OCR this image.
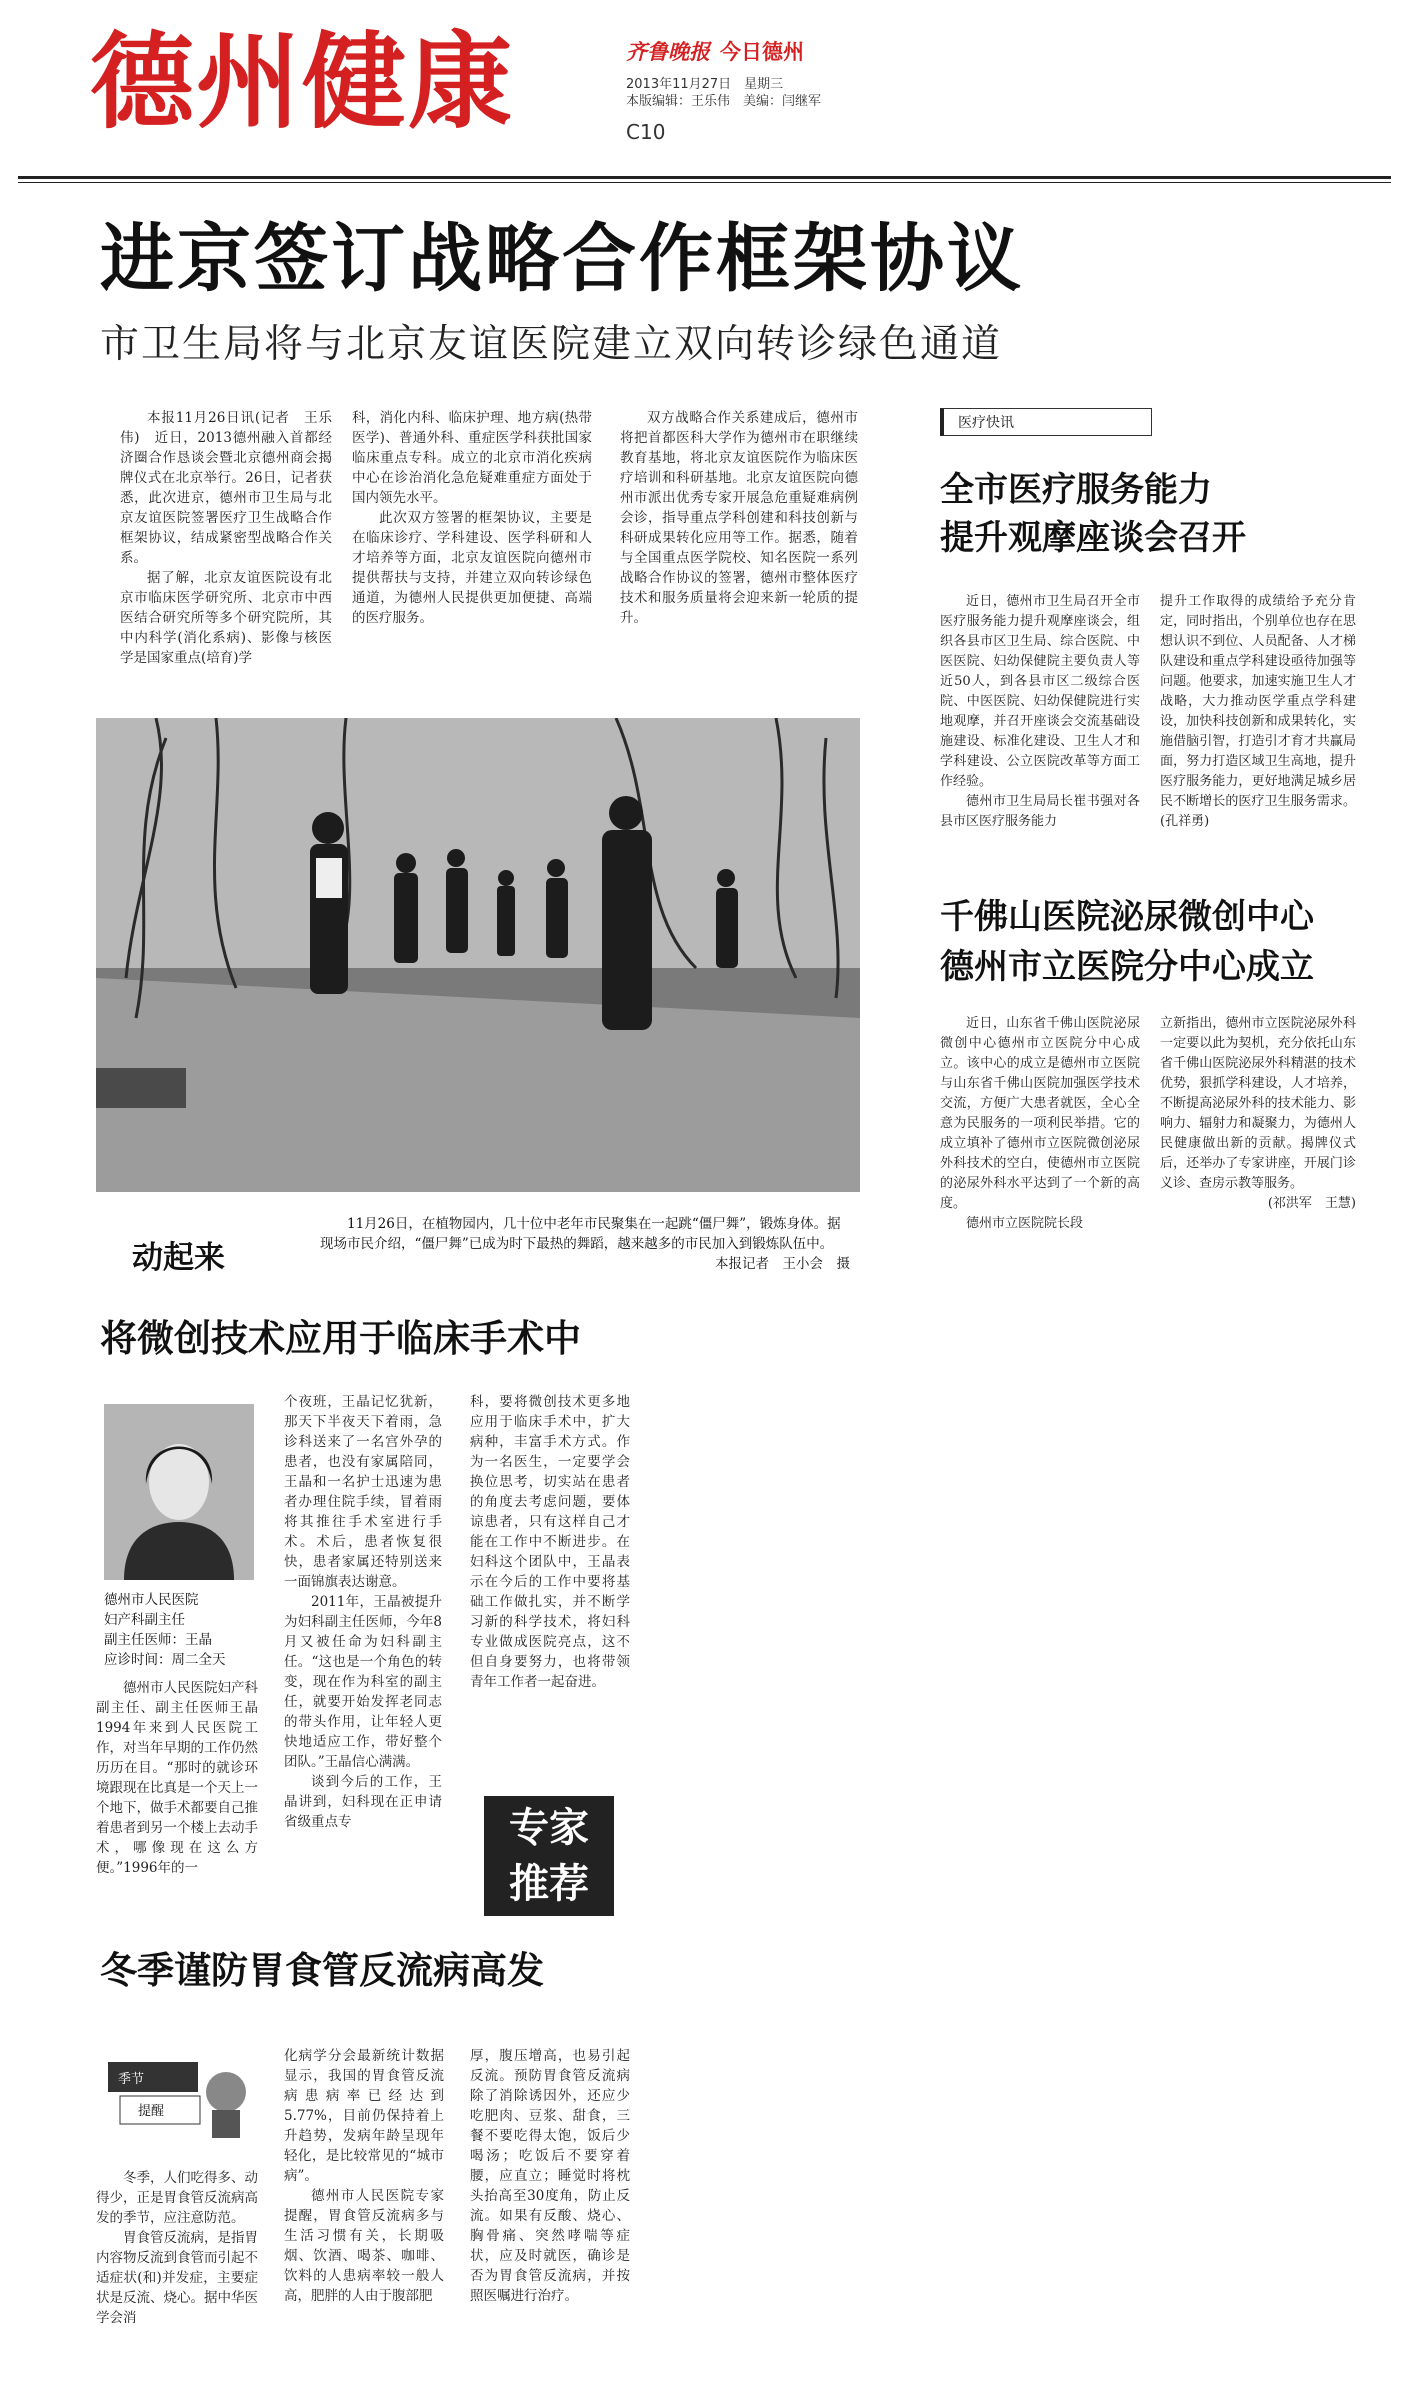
德州健康	齐鲁晚报 今日德州
2013年11月27日　星期三
本版编辑：王乐伟　美编：闫继军
C10
进京签订战略合作框架协议
市卫生局将与北京友谊医院建立双向转诊绿色通道

本报11月26日讯(记者　王乐伟)　近日，2013德州融入首都经济圈合作恳谈会暨北京德州商会揭牌仪式在北京举行。26日，记者获悉，此次进京，德州市卫生局与北京友谊医院签署医疗卫生战略合作框架协议，结成紧密型战略合作关系。

据了解，北京友谊医院设有北京市临床医学研究所、北京市中西医结合研究所等多个研究院所，其中内科学(消化系病)、影像与核医学是国家重点(培育)学

科，消化内科、临床护理、地方病(热带医学)、普通外科、重症医学科获批国家临床重点专科。成立的北京市消化疾病中心在诊治消化急危疑难重症方面处于国内领先水平。

此次双方签署的框架协议，主要是在临床诊疗、学科建设、医学科研和人才培养等方面，北京友谊医院向德州市提供帮扶与支持，并建立双向转诊绿色通道，为德州人民提供更加便捷、高端的医疗服务。

双方战略合作关系建成后，德州市将把首都医科大学作为德州市在职继续教育基地，将北京友谊医院作为临床医疗培训和科研基地。北京友谊医院向德州市派出优秀专家开展急危重疑难病例会诊，指导重点学科创建和科技创新与科研成果转化应用等工作。据悉，随着与全国重点医学院校、知名医院一系列战略合作协议的签署，德州市整体医疗技术和服务质量将会迎来新一轮质的提升。

动起来
11月26日，在植物园内，几十位中老年市民聚集在一起跳“僵尸舞”，锻炼身体。据现场市民介绍，“僵尸舞”已成为时下最热的舞蹈，越来越多的市民加入到锻炼队伍中。
本报记者　王小会　摄
医疗快讯
全市医疗服务能力
提升观摩座谈会召开

近日，德州市卫生局召开全市医疗服务能力提升观摩座谈会，组织各县市区卫生局、综合医院、中医医院、妇幼保健院主要负责人等近50人，到各县市区二级综合医院、中医医院、妇幼保健院进行实地观摩，并召开座谈会交流基础设施建设、标准化建设、卫生人才和学科建设、公立医院改革等方面工作经验。

德州市卫生局局长崔书强对各县市区医疗服务能力

提升工作取得的成绩给予充分肯定，同时指出，个别单位也存在思想认识不到位、人员配备、人才梯队建设和重点学科建设亟待加强等问题。他要求，加速实施卫生人才战略，大力推动医学重点学科建设，加快科技创新和成果转化，实施借脑引智，打造引才育才共赢局面，努力打造区域卫生高地，提升医疗服务能力，更好地满足城乡居民不断增长的医疗卫生服务需求。(孔祥勇)

千佛山医院泌尿微创中心
德州市立医院分中心成立

近日，山东省千佛山医院泌尿微创中心德州市立医院分中心成立。该中心的成立是德州市立医院与山东省千佛山医院加强医学技术交流，方便广大患者就医，全心全意为民服务的一项利民举措。它的成立填补了德州市立医院微创泌尿外科技术的空白，使德州市立医院的泌尿外科水平达到了一个新的高度。

德州市立医院院长段

立新指出，德州市立医院泌尿外科一定要以此为契机，充分依托山东省千佛山医院泌尿外科精湛的技术优势，狠抓学科建设，人才培养，不断提高泌尿外科的技术能力、影响力、辐射力和凝聚力，为德州人民健康做出新的贡献。揭牌仪式后，还举办了专家讲座，开展门诊义诊、查房示教等服务。

(祁洪军　王慧)

将微创技术应用于临床手术中
德州市人民医院
妇产科副主任
副主任医师：王晶
应诊时间：周二全天

德州市人民医院妇产科副主任、副主任医师王晶1994年来到人民医院工作，对当年早期的工作仍然历历在目。“那时的就诊环境跟现在比真是一个天上一个地下，做手术都要自己推着患者到另一个楼上去动手术，哪像现在这么方便。”1996年的一

个夜班，王晶记忆犹新，那天下半夜天下着雨，急诊科送来了一名宫外孕的患者，也没有家属陪同，王晶和一名护士迅速为患者办理住院手续，冒着雨将其推往手术室进行手术。术后，患者恢复很快，患者家属还特别送来一面锦旗表达谢意。

2011年，王晶被提升为妇科副主任医师，今年8月又被任命为妇科副主任。“这也是一个角色的转变，现在作为科室的副主任，就要开始发挥老同志的带头作用，让年轻人更快地适应工作，带好整个团队。”王晶信心满满。

谈到今后的工作，王晶讲到，妇科现在正申请省级重点专

科，要将微创技术更多地应用于临床手术中，扩大病种，丰富手术方式。作为一名医生，一定要学会换位思考，切实站在患者的角度去考虑问题，要体谅患者，只有这样自己才能在工作中不断进步。在妇科这个团队中，王晶表示在今后的工作中要将基础工作做扎实，并不断学习新的科学技术，将妇科专业做成医院亮点，这不但自身要努力，也将带领青年工作者一起奋进。

专家
推荐
冬季谨防胃食管反流病高发
季节
提醒

冬季，人们吃得多、动得少，正是胃食管反流病高发的季节，应注意防范。

胃食管反流病，是指胃内容物反流到食管而引起不适症状(和)并发症，主要症状是反流、烧心。据中华医学会消

化病学分会最新统计数据显示，我国的胃食管反流病患病率已经达到5.77%，目前仍保持着上升趋势，发病年龄呈现年轻化，是比较常见的“城市病”。

德州市人民医院专家提醒，胃食管反流病多与生活习惯有关，长期吸烟、饮酒、喝茶、咖啡、饮料的人患病率较一般人高，肥胖的人由于腹部肥

厚，腹压增高，也易引起反流。预防胃食管反流病除了消除诱因外，还应少吃肥肉、豆浆、甜食，三餐不要吃得太饱，饭后少喝汤；吃饭后不要穿着腰，应直立；睡觉时将枕头抬高至30度角，防止反流。如果有反酸、烧心、胸骨痛、突然哮喘等症状，应及时就医，确诊是否为胃食管反流病，并按照医嘱进行治疗。
